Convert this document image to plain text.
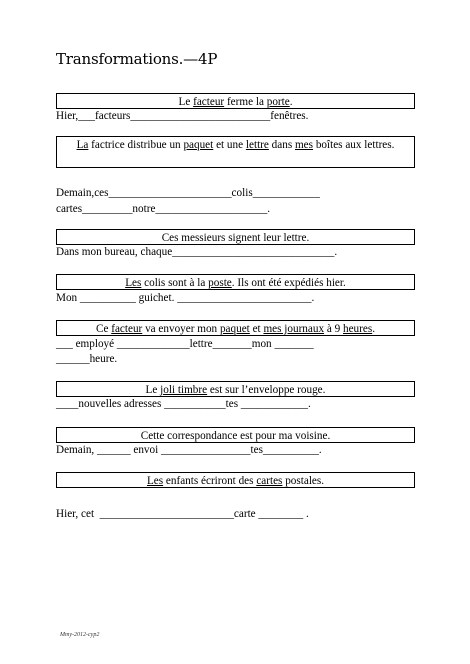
Transformations.—4P
Le facteur ferme la porte.
Hier,___facteurs_________________________fenêtres.
La factrice distribue un paquet et une lettre dans mes boîtes aux lettres.
Demain,ces______________________colis____________
cartes_________notre____________________.
Ces messieurs signent leur lettre.
Dans mon bureau, chaque_____________________________.
Les colis sont à la poste. Ils ont été expédiés hier.
Mon __________ guichet. ________________________.
Ce facteur va envoyer mon paquet et mes journaux à 9 heures.
___ employé _____________lettre_______mon _______
______heure.
Le joli timbre est sur l’enveloppe rouge.
____nouvelles adresses ___________tes ____________.
Cette correspondance est pour ma voisine.
Demain, ______ envoi ________________tes__________.
Les enfants écriront des cartes postales.
Hier, cet  ________________________carte ________ .
Mmy-2012-cyp2
